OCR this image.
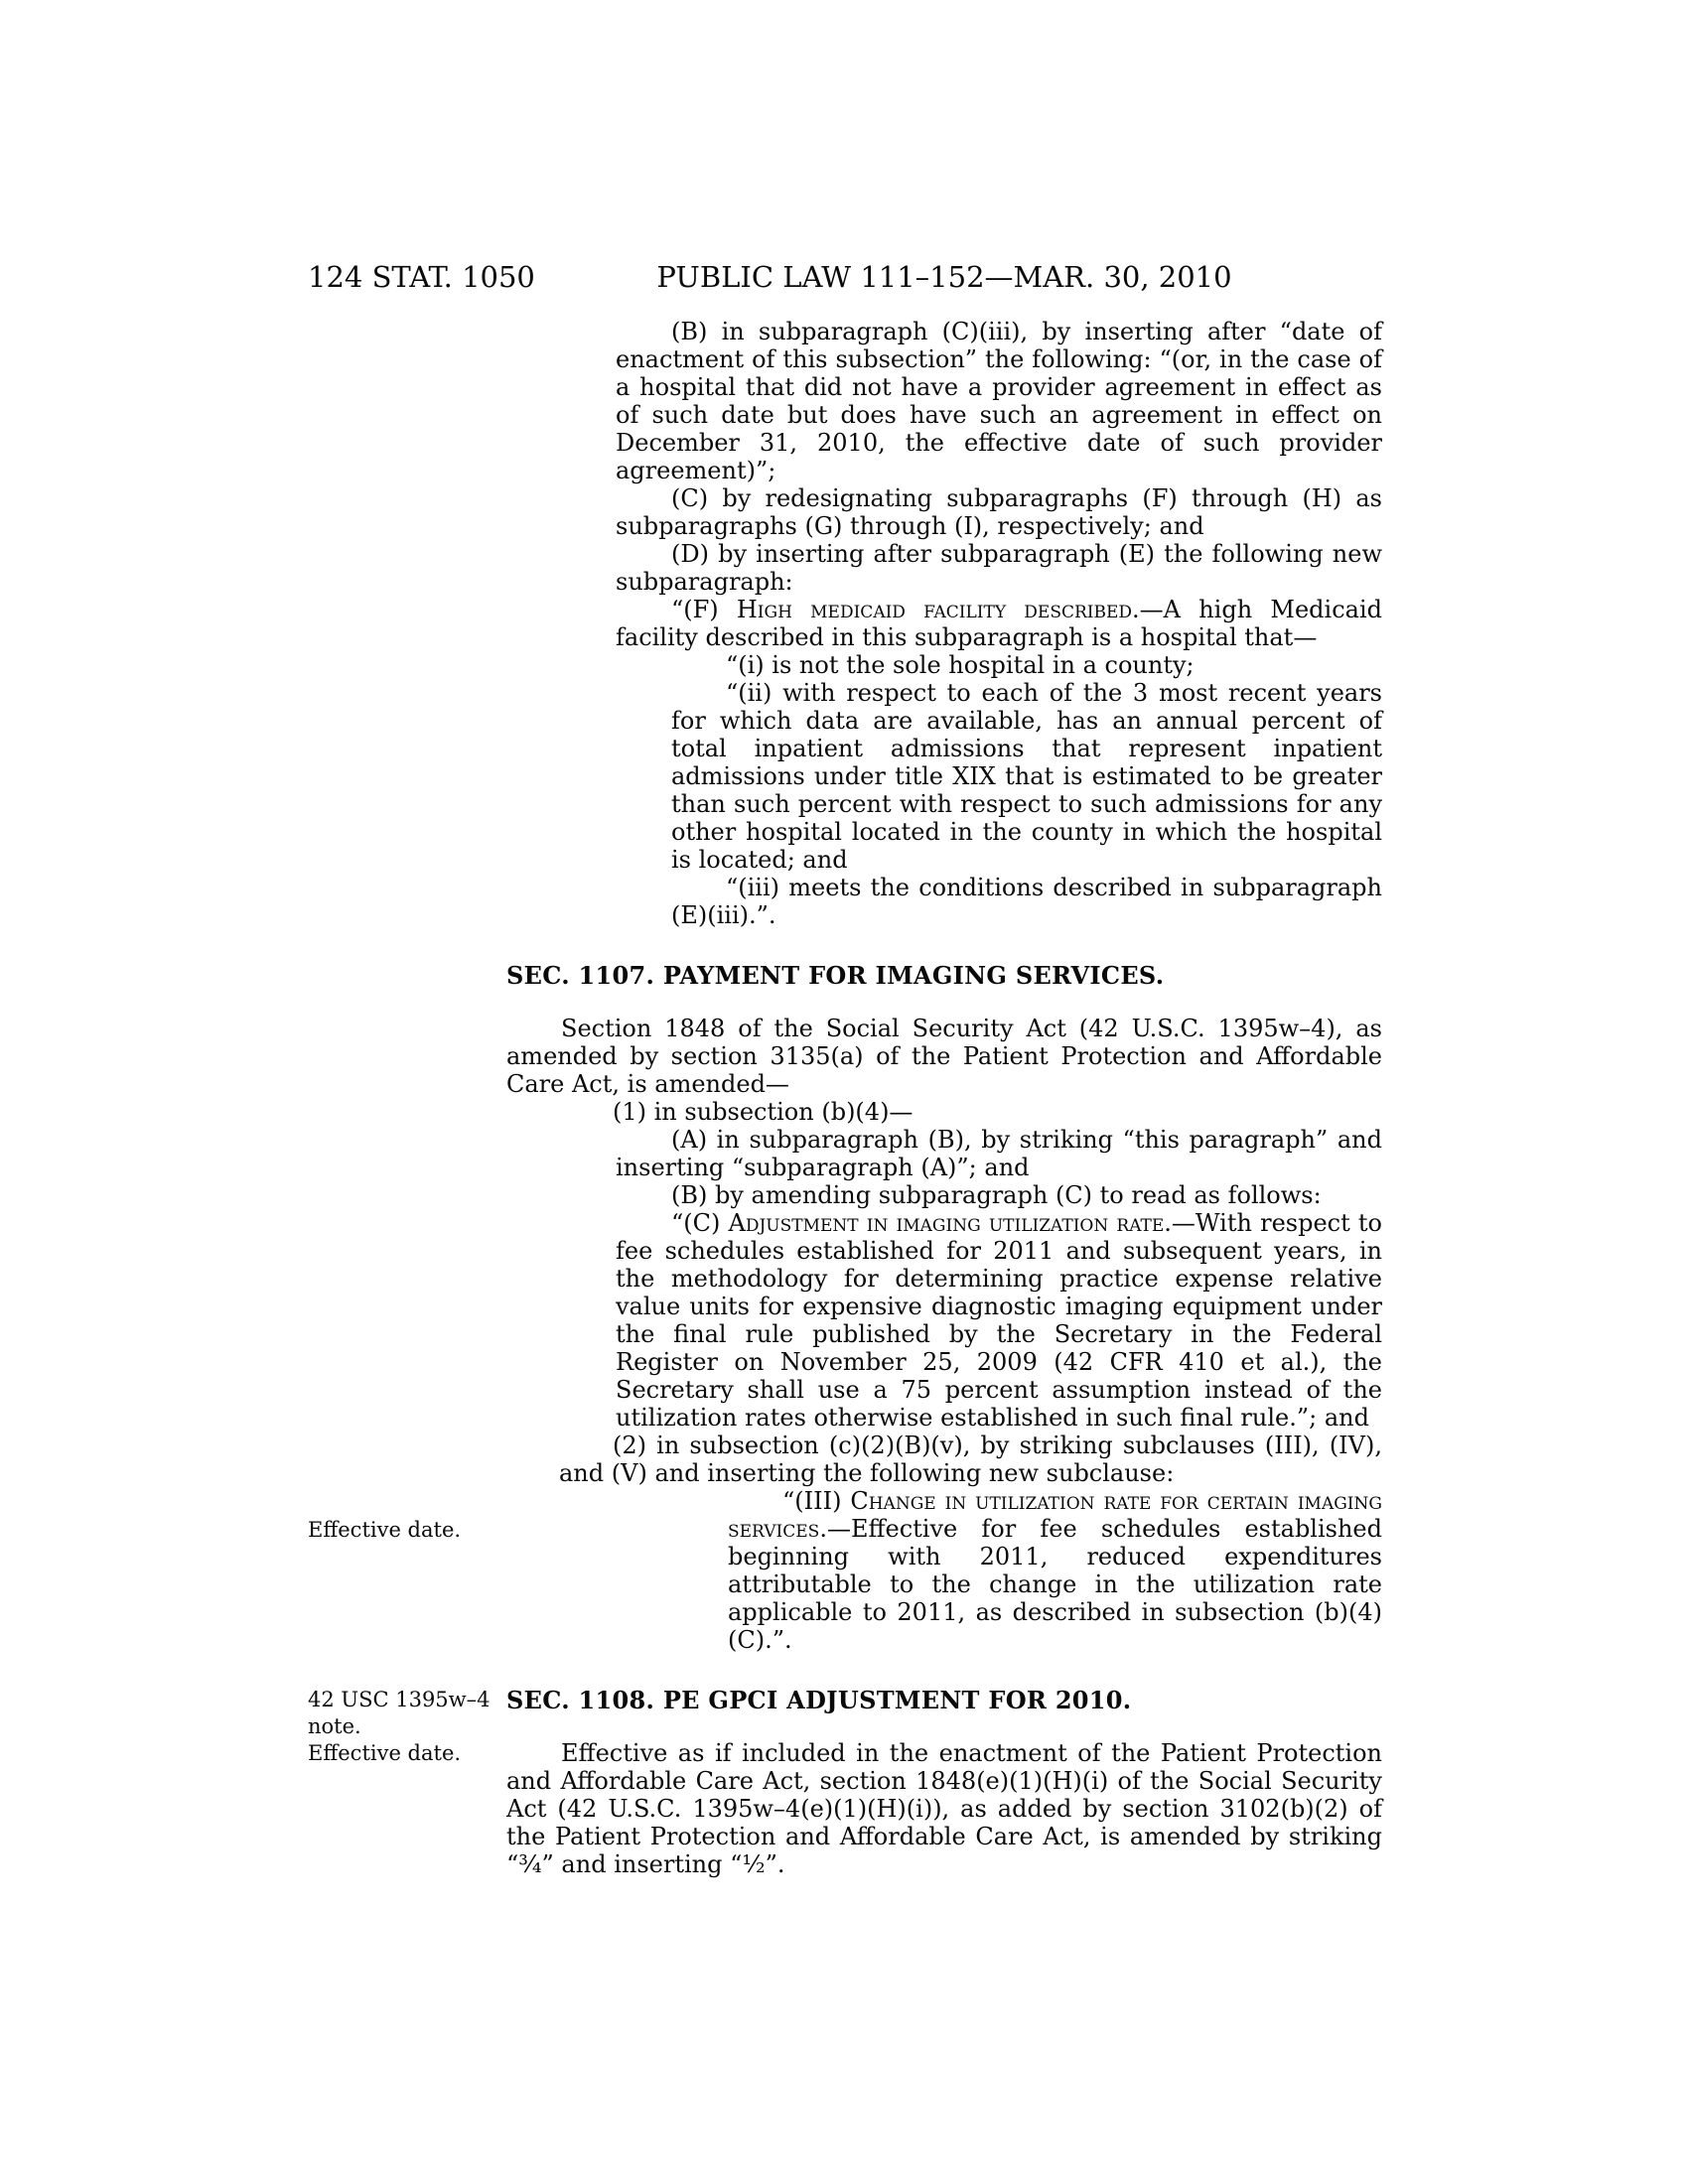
124 STAT. 1050	PUBLIC LAW 111–152—MAR. 30, 2010

(B) in subparagraph (C)(iii), by inserting after “date of enactment of this subsection” the following: “(or, in the case of a hospital that did not have a provider agreement in effect as of such date but does have such an agreement in effect on December 31, 2010, the effective date of such provider agreement)”;

(C) by redesignating subparagraphs (F) through (H) as subparagraphs (G) through (I), respectively; and

(D) by inserting after subparagraph (E) the following new subparagraph:

“(F) High medicaid facility described.—A high Medicaid facility described in this subparagraph is a hospital that—

“(i) is not the sole hospital in a county;

“(ii) with respect to each of the 3 most recent years for which data are available, has an annual percent of total inpatient admissions that represent inpatient admissions under title XIX that is estimated to be greater than such percent with respect to such admissions for any other hospital located in the county in which the hospital is located; and

“(iii) meets the conditions described in subparagraph (E)(iii).”.

SEC. 1107. PAYMENT FOR IMAGING SERVICES.

Section 1848 of the Social Security Act (42 U.S.C. 1395w–4), as amended by section 3135(a) of the Patient Protection and Affordable Care Act, is amended—

(1) in subsection (b)(4)—

(A) in subparagraph (B), by striking “this paragraph” and inserting “subparagraph (A)”; and

(B) by amending subparagraph (C) to read as follows:

“(C) Adjustment in imaging utilization rate.—With respect to fee schedules established for 2011 and subsequent years, in the methodology for determining practice expense relative value units for expensive diagnostic imaging equipment under the final rule published by the Secretary in the Federal Register on November 25, 2009 (42 CFR 410 et al.), the Secretary shall use a 75 percent assumption instead of the utilization rates otherwise established in such final rule.”; and

(2) in subsection (c)(2)(B)(v), by striking subclauses (III), (IV), and (V) and inserting the following new subclause:

Effective date.
“(III) Change in utilization rate for certain imaging services.—Effective for fee schedules established beginning with 2011, reduced expenditures attributable to the change in the utilization rate applicable to 2011, as described in subsection (b)(4)(C).”.

42 USC 1395w–4
note.
Effective date.
SEC. 1108. PE GPCI ADJUSTMENT FOR 2010.

Effective as if included in the enactment of the Patient Protection and Affordable Care Act, section 1848(e)(1)(H)(i) of the Social Security Act (42 U.S.C. 1395w–4(e)(1)(H)(i)), as added by section 3102(b)(2) of the Patient Protection and Affordable Care Act, is amended by striking “¾” and inserting “½”.
